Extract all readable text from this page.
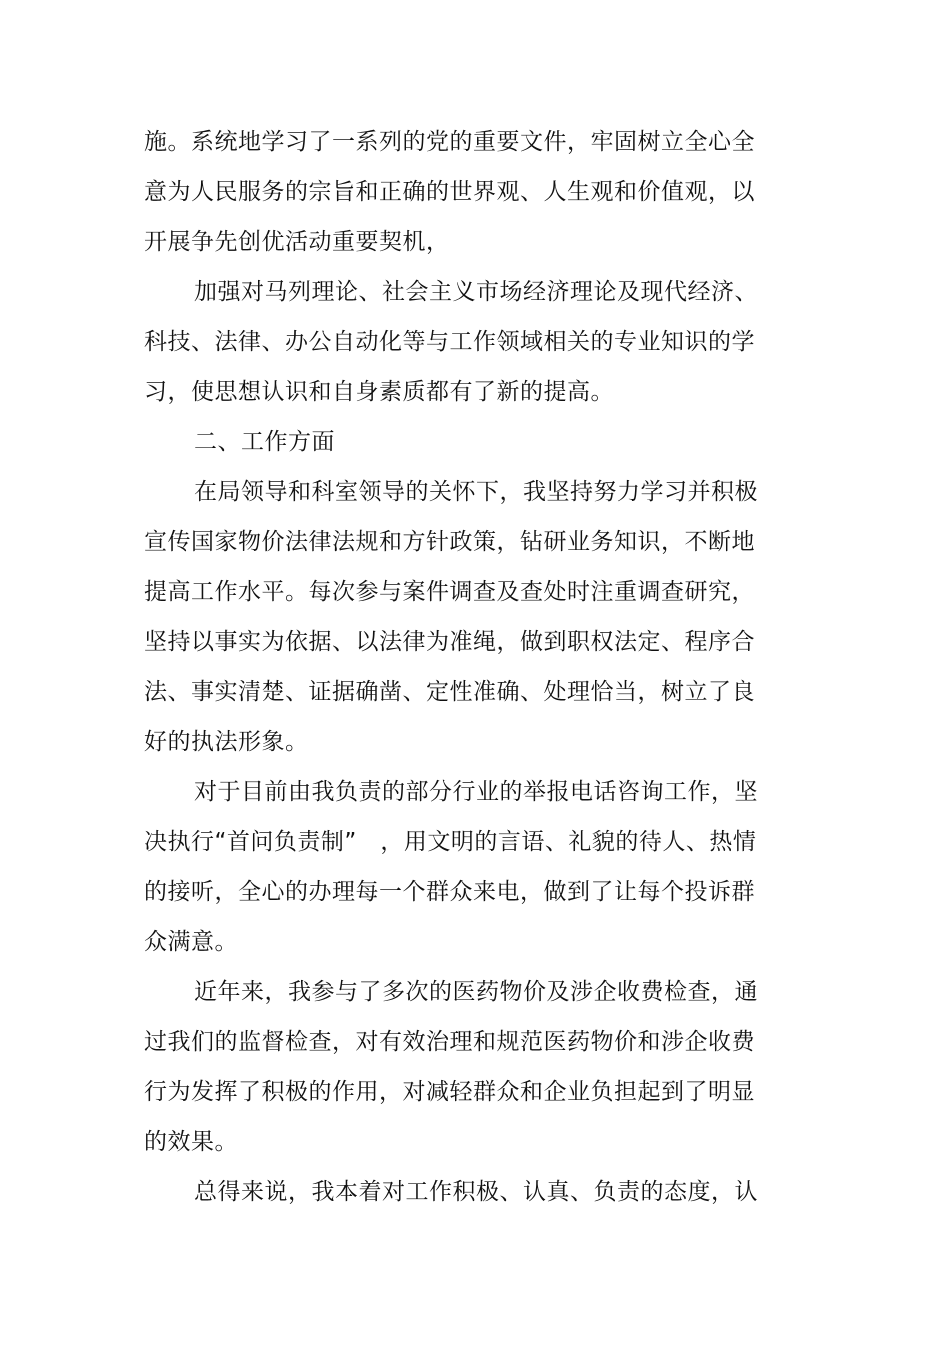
施。系统地学习了一系列的党的重要文件，牢固树立全心全
意为人民服务的宗旨和正确的世界观、人生观和价值观，以
开展争先创优活动重要契机，
加强对马列理论、社会主义市场经济理论及现代经济、
科技、法律、办公自动化等与工作领域相关的专业知识的学
习，使思想认识和自身素质都有了新的提高。
二、工作方面
在局领导和科室领导的关怀下，我坚持努力学习并积极
宣传国家物价法律法规和方针政策，钻研业务知识，不断地
提高工作水平。每次参与案件调查及查处时注重调查研究，
坚持以事实为依据、以法律为准绳，做到职权法定、程序合
法、事实清楚、证据确凿、定性准确、处理恰当，树立了良
好的执法形象。
对于目前由我负责的部分行业的举报电话咨询工作，坚
决执行“首问负责制”　，用文明的言语、礼貌的待人、热情
的接听，全心的办理每一个群众来电，做到了让每个投诉群
众满意。
近年来，我参与了多次的医药物价及涉企收费检查，通
过我们的监督检查，对有效治理和规范医药物价和涉企收费
行为发挥了积极的作用，对减轻群众和企业负担起到了明显
的效果。
总得来说，我本着对工作积极、认真、负责的态度，认
